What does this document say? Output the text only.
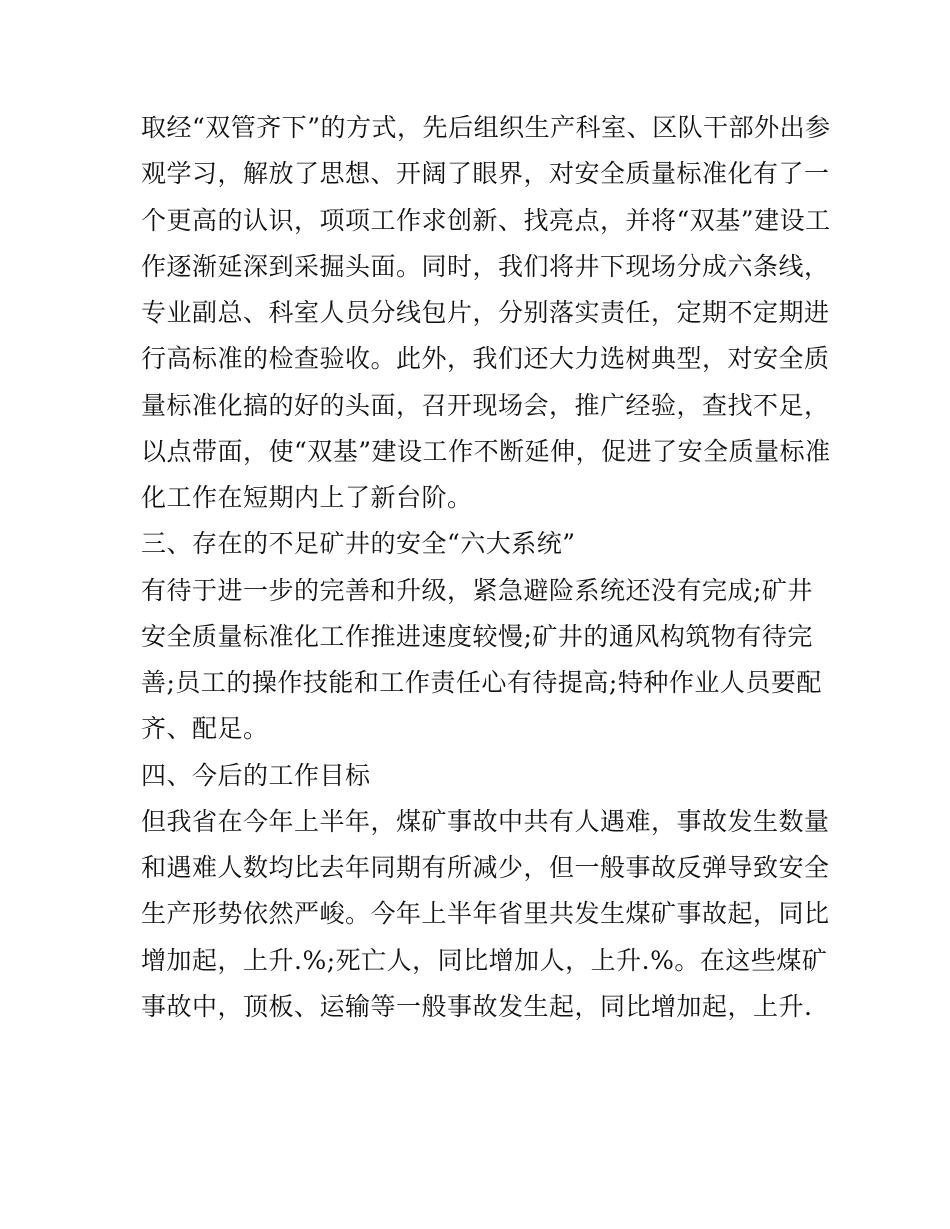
取经“双管齐下”的方式，先后组织生产科室、区队干部外出参
观学习，解放了思想、开阔了眼界，对安全质量标准化有了一
个更高的认识，项项工作求创新、找亮点，并将“双基”建设工
作逐渐延深到采掘头面。同时，我们将井下现场分成六条线，
专业副总、科室人员分线包片，分别落实责任，定期不定期进
行高标准的检查验收。此外，我们还大力选树典型，对安全质
量标准化搞的好的头面，召开现场会，推广经验，查找不足，
以点带面，使“双基”建设工作不断延伸，促进了安全质量标准
化工作在短期内上了新台阶。
三、存在的不足矿井的安全“六大系统”
有待于进一步的完善和升级，紧急避险系统还没有完成;矿井
安全质量标准化工作推进速度较慢;矿井的通风构筑物有待完
善;员工的操作技能和工作责任心有待提高;特种作业人员要配
齐、配足。
四、今后的工作目标
但我省在今年上半年，煤矿事故中共有人遇难，事故发生数量
和遇难人数均比去年同期有所减少，但一般事故反弹导致安全
生产形势依然严峻。今年上半年省里共发生煤矿事故起，同比
增加起，上升.%;死亡人，同比增加人，上升.%。在这些煤矿
事故中，顶板、运输等一般事故发生起，同比增加起，上升.
